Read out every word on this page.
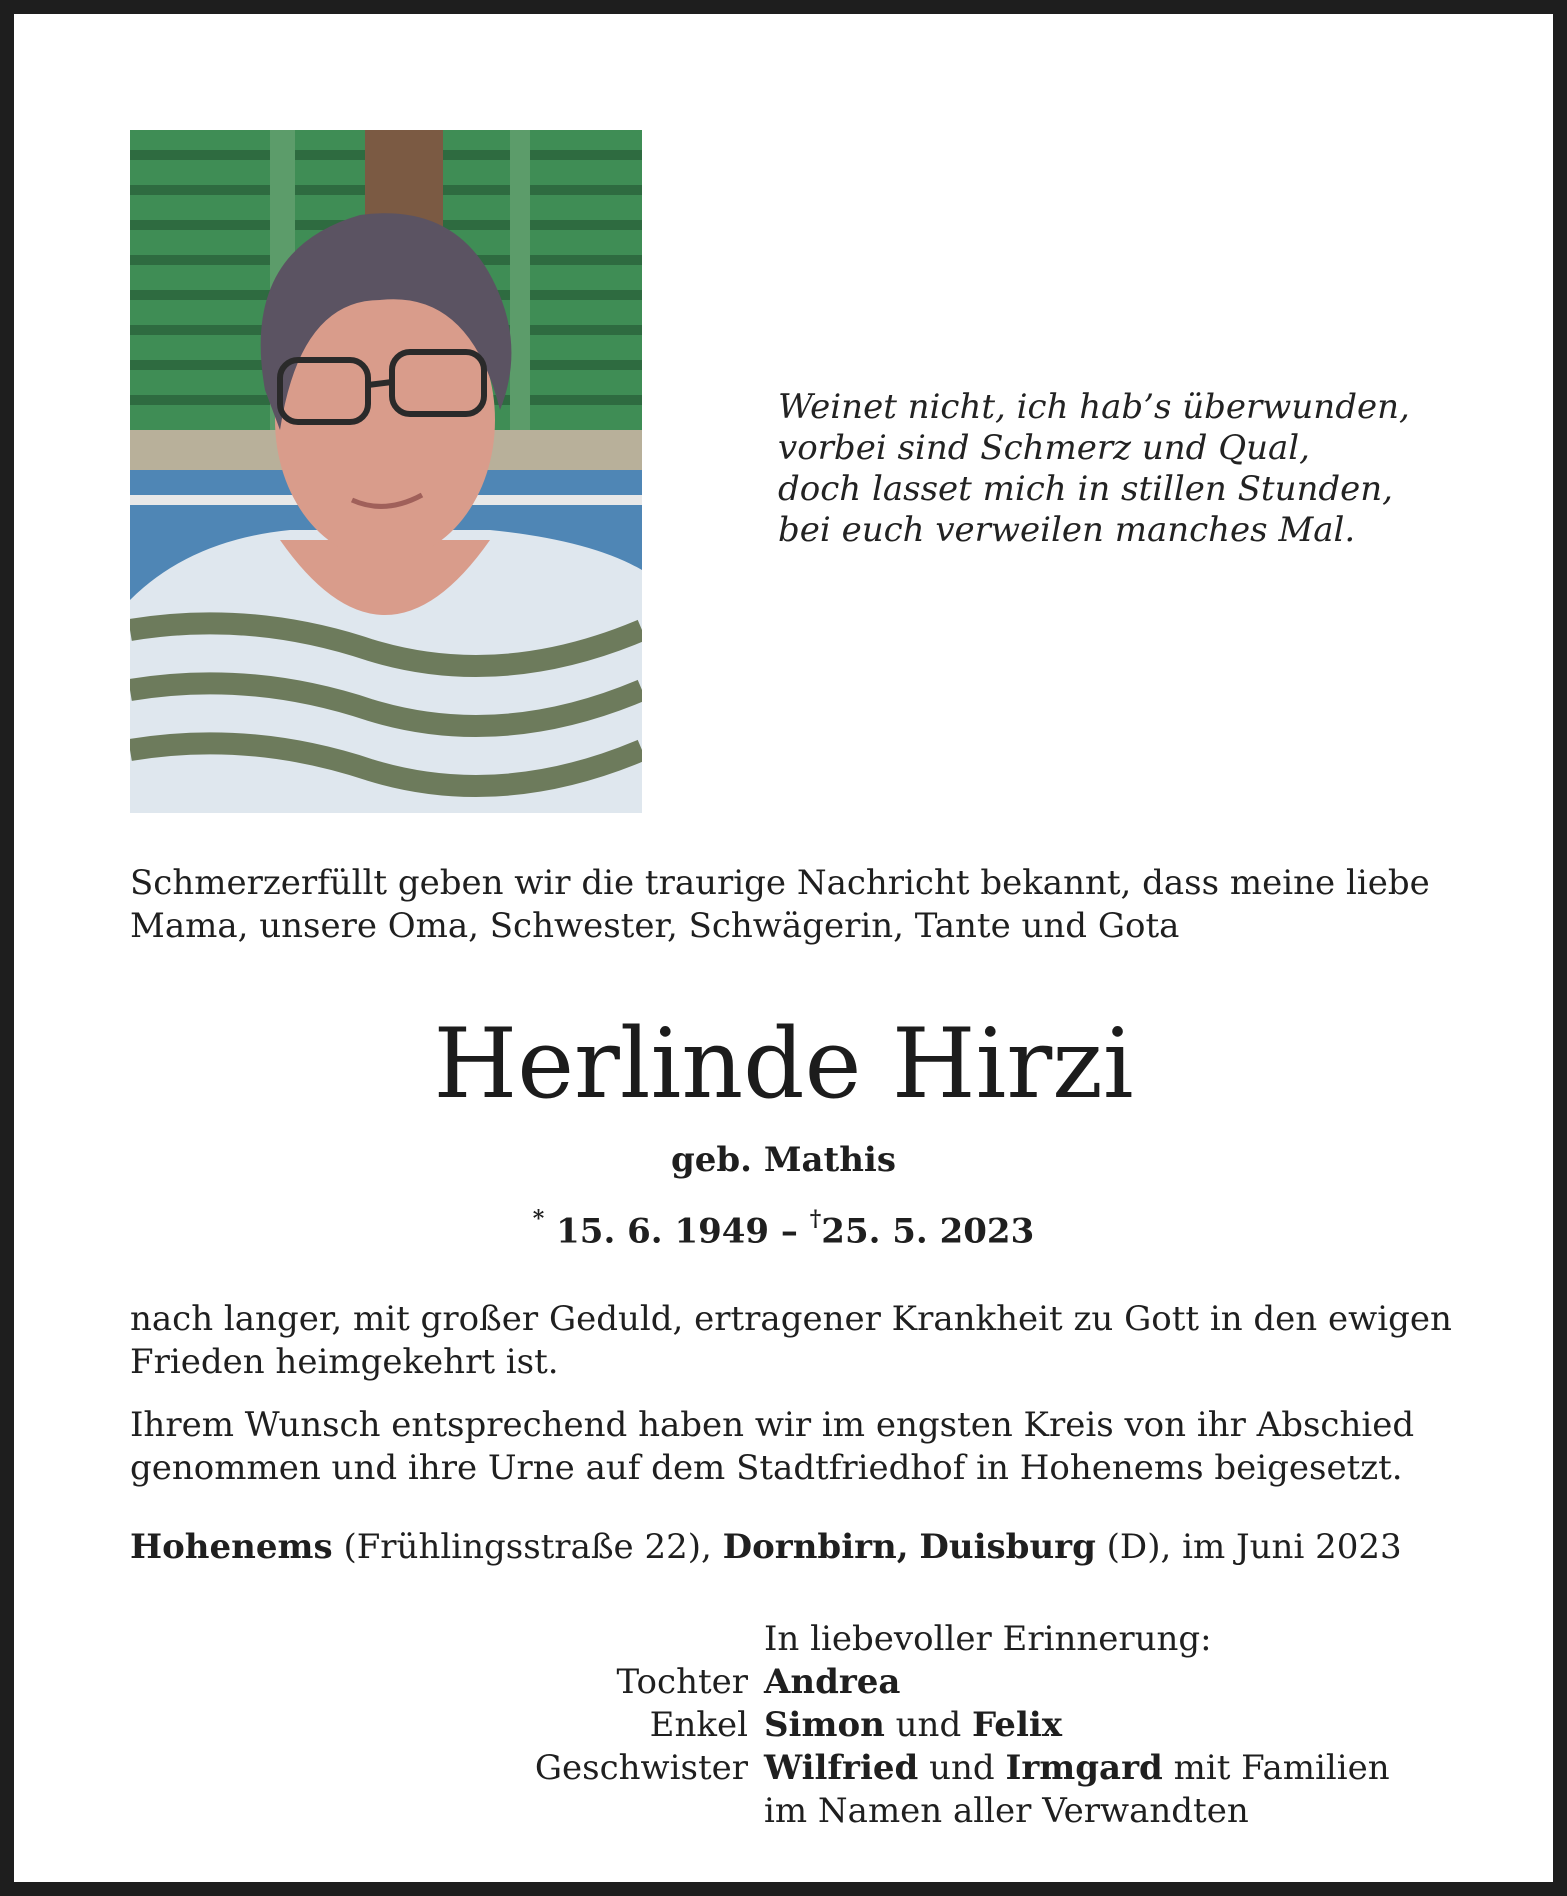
Weinet nicht, ich hab’s überwunden,
vorbei sind Schmerz und Qual,
doch lasset mich in stillen Stunden,
bei euch verweilen manches Mal.
Schmerzerfüllt geben wir die traurige Nachricht bekannt, dass meine liebe
Mama, unsere Oma, Schwester, Schwägerin, Tante und Gota
Herlinde Hirzi
geb. Mathis
* 15. 6. 1949 – †25. 5. 2023
nach langer, mit großer Geduld, ertragener Krankheit zu Gott in den ewigen
Frieden heimgekehrt ist.
Ihrem Wunsch entsprechend haben wir im engsten Kreis von ihr Abschied
genommen und ihre Urne auf dem Stadtfriedhof in Hohenems beigesetzt.
Hohenems (Frühlingsstraße 22), Dornbirn, Duisburg (D), im Juni 2023
In liebevoller Erinnerung:
Tochter Andrea
Enkel Simon und Felix
Geschwister Wilfried und Irmgard mit Familien
im Namen aller Verwandten
